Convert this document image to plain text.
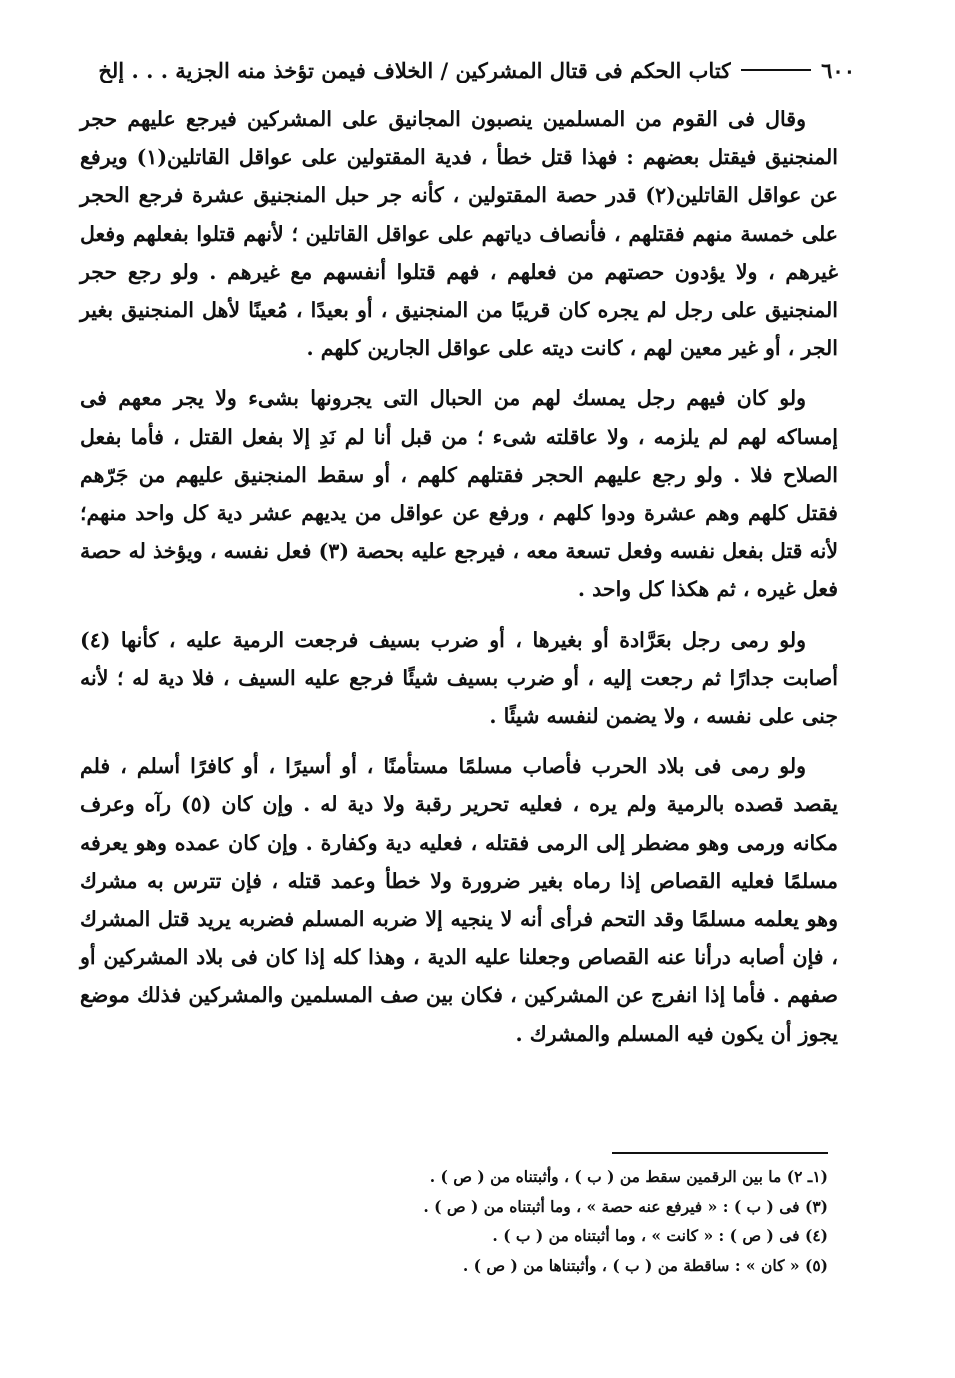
٦٠٠
كتاب الحكم فى قتال المشركين / الخلاف فيمن تؤخذ منه الجزية . . . إلخ

وقال فى القوم من المسلمين ينصبون المجانيق على المشركين فيرجع عليهم حجر المنجنيق فيقتل بعضهم : فهذا قتل خطأ ، فدية المقتولين على عواقل القاتلين(١) ويرفع عن عواقل القاتلين(٢) قدر حصة المقتولين ، كأنه جر حبل المنجنيق عشرة فرجع الحجر على خمسة منهم فقتلهم ، فأنصاف دياتهم على عواقل القاتلين ؛ لأنهم قتلوا بفعلهم وفعل غيرهم ، ولا يؤدون حصتهم من فعلهم ، فهم قتلوا أنفسهم مع غيرهم . ولو رجع حجر المنجنيق على رجل لم يجره كان قريبًا من المنجنيق ، أو بعيدًا ، مُعينًا لأهل المنجنيق بغير الجر ، أو غير معين لهم ، كانت ديته على عواقل الجارين كلهم .

ولو كان فيهم رجل يمسك لهم من الحبال التى يجرونها بشىء ولا يجر معهم فى إمساكه لهم لم يلزمه ، ولا عاقلته شىء ؛ من قبل أنا لم نَدِ إلا بفعل القتل ، فأما بفعل الصلاح فلا . ولو رجع عليهم الحجر فقتلهم كلهم ، أو سقط المنجنيق عليهم من جَرّهم فقتل كلهم وهم عشرة ودوا كلهم ، ورفع عن عواقل من يديهم عشر دية كل واحد منهم؛ لأنه قتل بفعل نفسه وفعل تسعة معه ، فيرجع عليه بحصة (٣) فعل نفسه ، ويؤخذ له حصة فعل غيره ، ثم هكذا كل واحد .

ولو رمى رجل بعَرَّادة أو بغيرها ، أو ضرب بسيف فرجعت الرمية عليه ، كأنها (٤) أصابت جدارًا ثم رجعت إليه ، أو ضرب بسيف شيئًا فرجع عليه السيف ، فلا دية له ؛ لأنه جنى على نفسه ، ولا يضمن لنفسه شيئًا .

ولو رمى فى بلاد الحرب فأصاب مسلمًا مستأمنًا ، أو أسيرًا ، أو كافرًا أسلم ، فلم يقصد قصده بالرمية ولم يره ، فعليه تحرير رقبة ولا دية له . وإن كان (٥) رآه وعرف مكانه ورمى وهو مضطر إلى الرمى فقتله ، فعليه دية وكفارة . وإن كان عمده وهو يعرفه مسلمًا فعليه القصاص إذا رماه بغير ضرورة ولا خطأ وعمد قتله ، فإن تترس به مشرك وهو يعلمه مسلمًا وقد التحم فرأى أنه لا ينجيه إلا ضربه المسلم فضربه يريد قتل المشرك ، فإن أصابه درأنا عنه القصاص وجعلنا عليه الدية ، وهذا كله إذا كان فى بلاد المشركين أو صفهم . فأما إذا انفرج عن المشركين ، فكان بين صف المسلمين والمشركين فذلك موضع يجوز أن يكون فيه المسلم والمشرك .

(١ـ ٢) ما بين الرقمين سقط من ( ب ) ، وأثبتناه من ( ص ) .
(٣) فى ( ب ) : « فيرفع عنه حصة » ، وما أثبتناه من ( ص ) .
(٤) فى ( ص ) : « كانت » ، وما أثبتناه من ( ب ) .
(٥) « كان » : ساقطة من ( ب ) ، وأثبتناها من ( ص ) .
